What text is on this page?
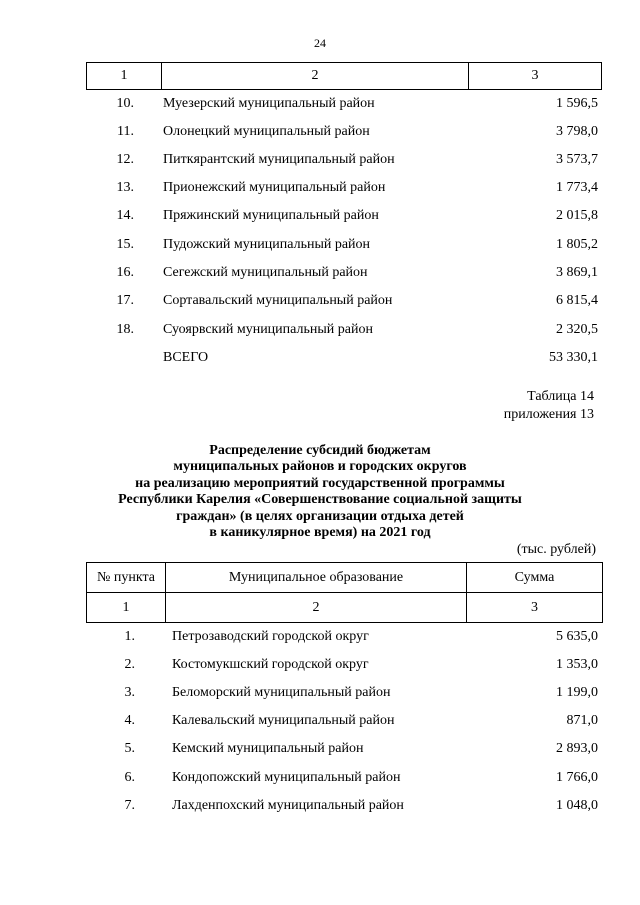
24
1	2	3
10. Муезерский муниципальный район	1 596,5
11. Олонецкий муниципальный район	3 798,0
12. Питкярантский муниципальный район	3 573,7
13. Прионежский муниципальный район	1 773,4
14. Пряжинский муниципальный район	2 015,8
15. Пудожский муниципальный район	1 805,2
16. Сегежский муниципальный район	3 869,1
17. Сортавальский муниципальный район	6 815,4
18. Суоярвский муниципальный район	2 320,5
ВСЕГО	53 330,1
Таблица 14
приложения 13
Распределение субсидий бюджетам
муниципальных районов и городских округов
на реализацию мероприятий государственной программы
Республики Карелия «Совершенствование социальной защиты
граждан» (в целях организации отдыха детей
в каникулярное время) на 2021 год
(тыс. рублей)
№ пункта	Муниципальное образование	Сумма
1	2	3
1.	Петрозаводский городской округ	5 635,0
2.	Костомукшский городской округ	1 353,0
3.	Беломорский муниципальный район	1 199,0
4.	Калевальский муниципальный район	871,0
5.	Кемский муниципальный район	2 893,0
6.	Кондопожский муниципальный район	1 766,0
7.	Лахденпохский муниципальный район	1 048,0
